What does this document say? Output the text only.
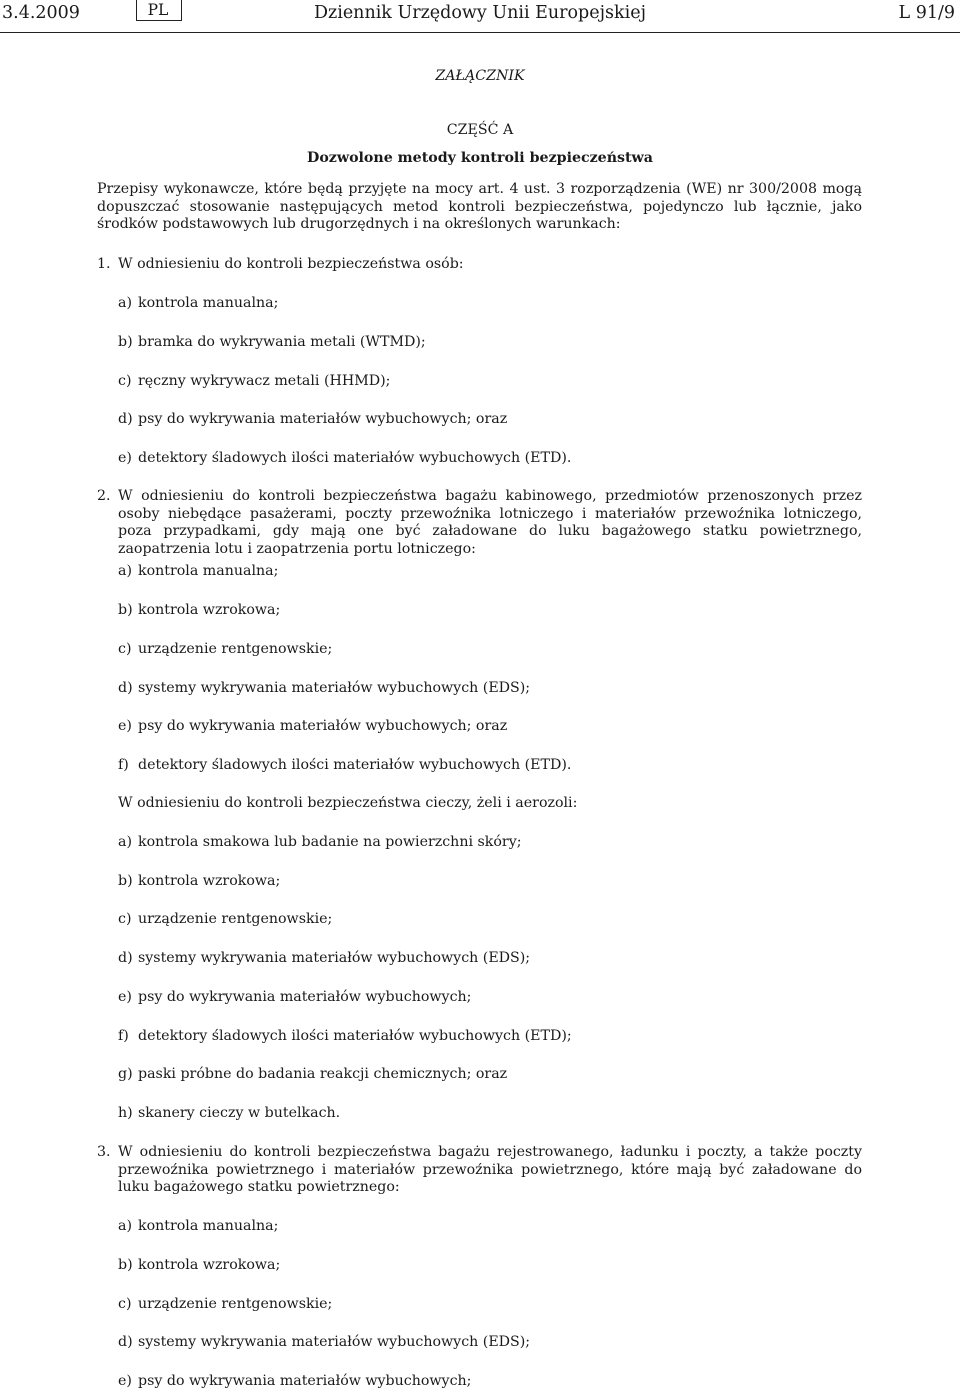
3.4.2009	PL	Dziennik Urzędowy Unii Europejskiej	L 91/9
ZAŁĄCZNIK
CZĘŚĆ A
Dozwolone metody kontroli bezpieczeństwa
Przepisy wykonawcze, które będą przyjęte na mocy art. 4 ust. 3 rozporządzenia (WE) nr 300/2008 mogą dopuszczać stosowanie następujących metod kontroli bezpieczeństwa, pojedynczo lub łącznie, jako środków podstawowych lub drugorzędnych i na określonych warunkach:
1. W odniesieniu do kontroli bezpieczeństwa osób:
a) kontrola manualna;
b) bramka do wykrywania metali (WTMD);
c) ręczny wykrywacz metali (HHMD);
d) psy do wykrywania materiałów wybuchowych; oraz
e) detektory śladowych ilości materiałów wybuchowych (ETD).
2. W odniesieniu do kontroli bezpieczeństwa bagażu kabinowego, przedmiotów przenoszonych przez osoby niebędące pasażerami, poczty przewoźnika lotniczego i materiałów przewoźnika lotniczego, poza przypadkami, gdy mają one być załadowane do luku bagażowego statku powietrznego, zaopatrzenia lotu i zaopatrzenia portu lotniczego:
a) kontrola manualna;
b) kontrola wzrokowa;
c) urządzenie rentgenowskie;
d) systemy wykrywania materiałów wybuchowych (EDS);
e) psy do wykrywania materiałów wybuchowych; oraz
f) detektory śladowych ilości materiałów wybuchowych (ETD).
W odniesieniu do kontroli bezpieczeństwa cieczy, żeli i aerozoli:
a) kontrola smakowa lub badanie na powierzchni skóry;
b) kontrola wzrokowa;
c) urządzenie rentgenowskie;
d) systemy wykrywania materiałów wybuchowych (EDS);
e) psy do wykrywania materiałów wybuchowych;
f) detektory śladowych ilości materiałów wybuchowych (ETD);
g) paski próbne do badania reakcji chemicznych; oraz
h) skanery cieczy w butelkach.
3. W odniesieniu do kontroli bezpieczeństwa bagażu rejestrowanego, ładunku i poczty, a także poczty przewoźnika powietrznego i materiałów przewoźnika powietrznego, które mają być załadowane do luku bagażowego statku powietrznego:
a) kontrola manualna;
b) kontrola wzrokowa;
c) urządzenie rentgenowskie;
d) systemy wykrywania materiałów wybuchowych (EDS);
e) psy do wykrywania materiałów wybuchowych;
